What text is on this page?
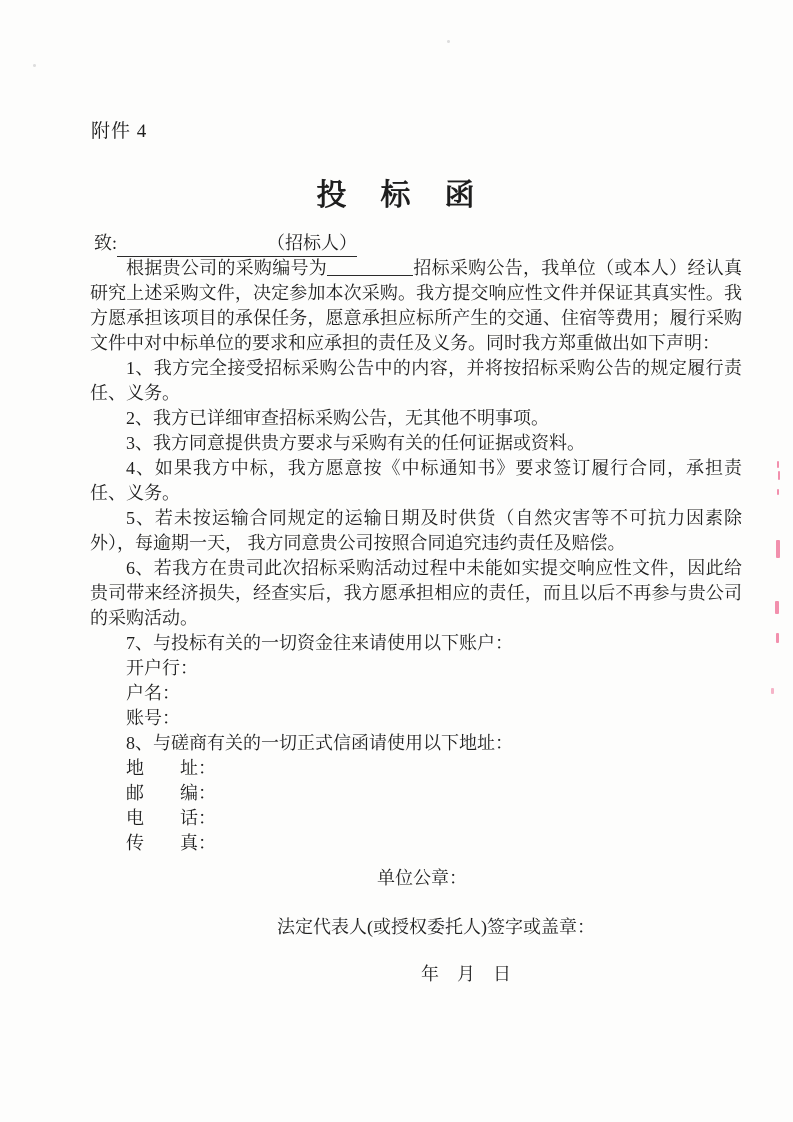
附件 4
投　标　函
致:	（招标人）

根据贵公司的采购编号为	招标采购公告，我单位（或本人）经认真研究上述采购文件，决定参加本次采购。我方提交响应性文件并保证其真实性。我方愿承担该项目的承保任务，愿意承担应标所产生的交通、住宿等费用；履行采购文件中对中标单位的要求和应承担的责任及义务。同时我方郑重做出如下声明：

1、我方完全接受招标采购公告中的内容，并将按招标采购公告的规定履行责任、义务。

2、我方已详细审查招标采购公告，无其他不明事项。

3、我方同意提供贵方要求与采购有关的任何证据或资料。

4、如果我方中标，我方愿意按《中标通知书》要求签订履行合同，承担责任、义务。

5、若未按运输合同规定的运输日期及时供货（自然灾害等不可抗力因素除外），每逾期一天， 我方同意贵公司按照合同追究违约责任及赔偿。

6、若我方在贵司此次招标采购活动过程中未能如实提交响应性文件，因此给贵司带来经济损失，经查实后，我方愿承担相应的责任，而且以后不再参与贵公司的采购活动。

7、与投标有关的一切资金往来请使用以下账户：

开户行：

户名：

账号：

8、与磋商有关的一切正式信函请使用以下地址：

地　　址：

邮　　编：

电　　话：

传　　真：

单位公章：
法定代表人(或授权委托人)签字或盖章：
年　月　日
